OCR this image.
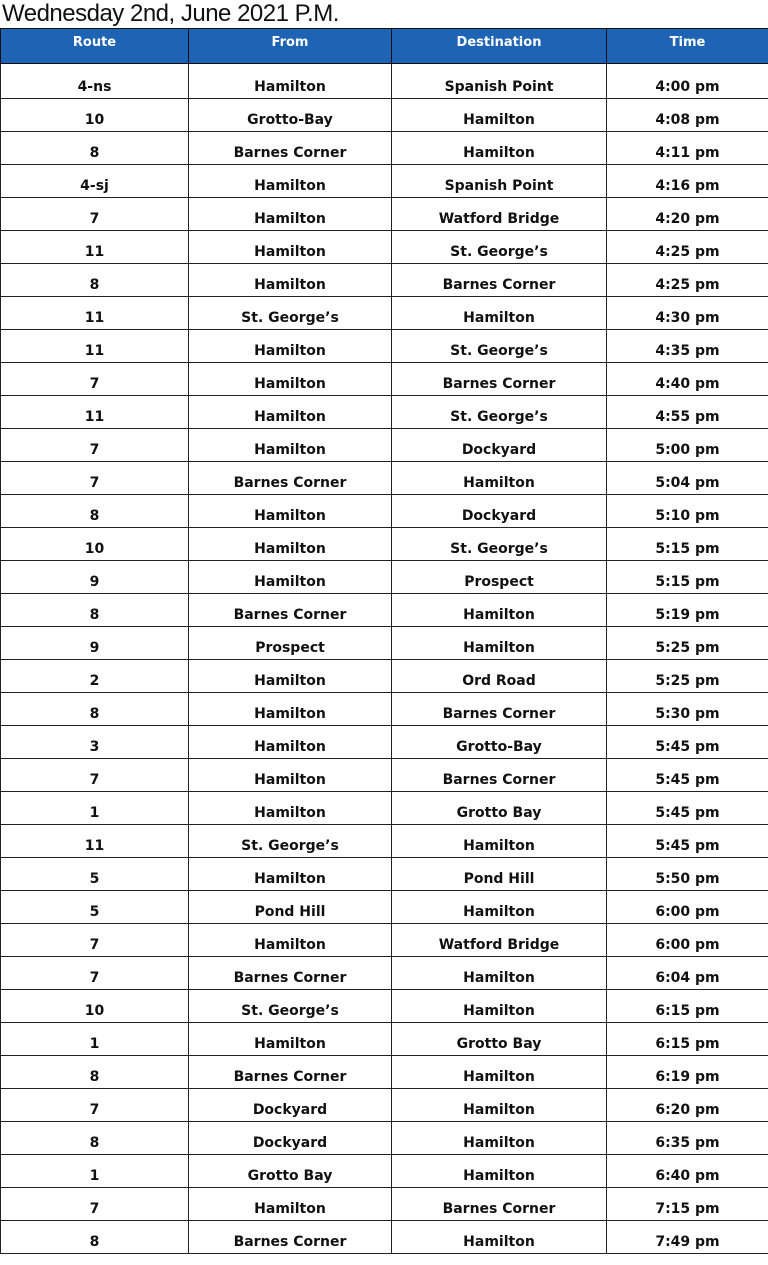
Wednesday 2nd, June 2021 P.M.
Route	From	Destination	Time
4-ns	Hamilton	Spanish Point	4:00 pm
10	Grotto-Bay	Hamilton	4:08 pm
8	Barnes Corner	Hamilton	4:11 pm
4-sj	Hamilton	Spanish Point	4:16 pm
7	Hamilton	Watford Bridge	4:20 pm
11	Hamilton	St. George’s	4:25 pm
8	Hamilton	Barnes Corner	4:25 pm
11	St. George’s	Hamilton	4:30 pm
11	Hamilton	St. George’s	4:35 pm
7	Hamilton	Barnes Corner	4:40 pm
11	Hamilton	St. George’s	4:55 pm
7	Hamilton	Dockyard	5:00 pm
7	Barnes Corner	Hamilton	5:04 pm
8	Hamilton	Dockyard	5:10 pm
10	Hamilton	St. George’s	5:15 pm
9	Hamilton	Prospect	5:15 pm
8	Barnes Corner	Hamilton	5:19 pm
9	Prospect	Hamilton	5:25 pm
2	Hamilton	Ord Road	5:25 pm
8	Hamilton	Barnes Corner	5:30 pm
3	Hamilton	Grotto-Bay	5:45 pm
7	Hamilton	Barnes Corner	5:45 pm
1	Hamilton	Grotto Bay	5:45 pm
11	St. George’s	Hamilton	5:45 pm
5	Hamilton	Pond Hill	5:50 pm
5	Pond Hill	Hamilton	6:00 pm
7	Hamilton	Watford Bridge	6:00 pm
7	Barnes Corner	Hamilton	6:04 pm
10	St. George’s	Hamilton	6:15 pm
1	Hamilton	Grotto Bay	6:15 pm
8	Barnes Corner	Hamilton	6:19 pm
7	Dockyard	Hamilton	6:20 pm
8	Dockyard	Hamilton	6:35 pm
1	Grotto Bay	Hamilton	6:40 pm
7	Hamilton	Barnes Corner	7:15 pm
8	Barnes Corner	Hamilton	7:49 pm
